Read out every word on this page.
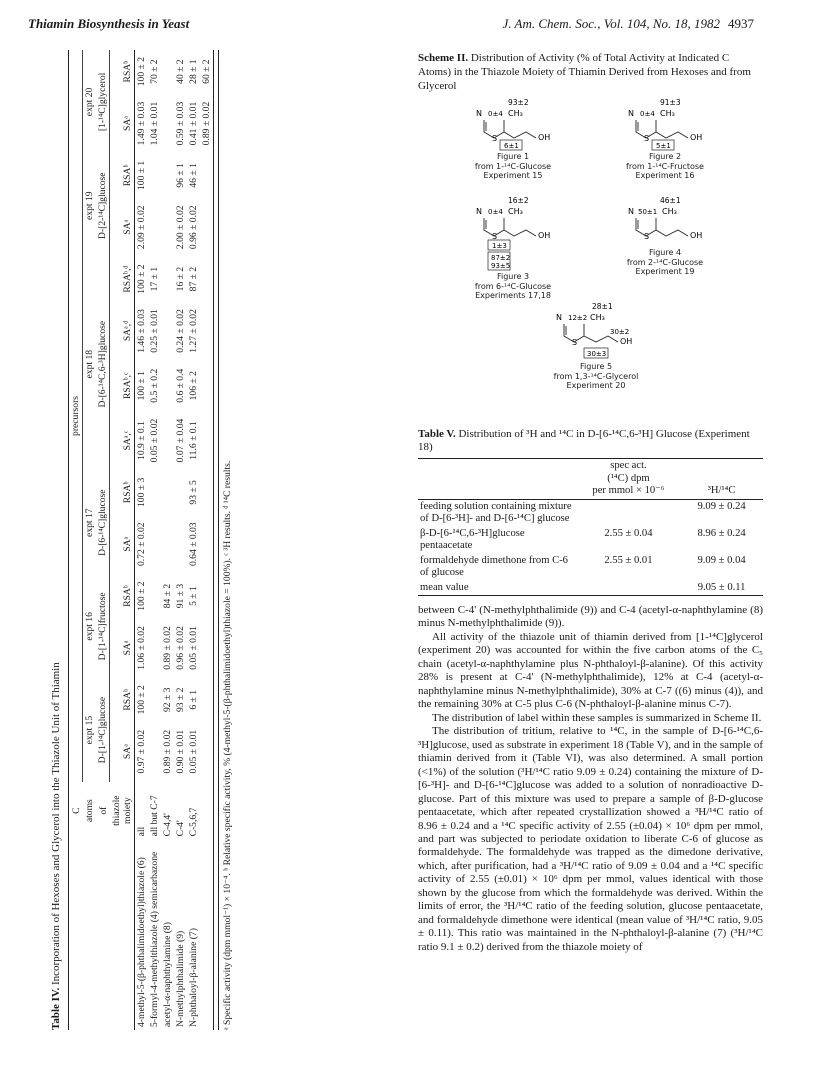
Thiamin Biosynthesis in Yeast	J. Am. Chem. Soc., Vol. 104, No. 18, 1982 4937
Table IV. Incorporation of Hexoses and Glycerol into the Thiazole Unit of Thiamin
	C	precursors													
	atoms	expt 15		expt 16		expt 17		expt 18				expt 19		expt 20	
	of	D-[1-¹⁴C]glucose		D-[1-¹⁴C]fructose		D-[6-¹⁴C]glucose		D-[6-¹⁴C,6-³H]glucose				D-[2-¹⁴C]glucose		[1-¹⁴C]glycerol	
	thiazole
moiety	SAᵃ	RSAᵇ	SAᵃ	RSAᵇ	SAᵃ	RSAᵇ	SAᵃ,ᶜ	RSAᵇ,ᶜ	SAᵃ,ᵈ	RSAᵇ,ᵈ	SAᵃ	RSAᵇ	SAᵃ	RSAᵇ
4-methyl-5-(β-phthalimidoethyl)thiazole (6)	all	0.97 ± 0.02	100 ± 2	1.06 ± 0.02	100 ± 2	0.72 ± 0.02	100 ± 3	10.9 ± 0.1	100 ± 1	1.46 ± 0.03	100 ± 2	2.09 ± 0.02	100 ± 1	1.49 ± 0.03	100 ± 2
5-formyl-4-methylthiazole (4) semicarbazone	all but C-7							0.05 ± 0.02	0.5 ± 0.2	0.25 ± 0.01	17 ± 1			1.04 ± 0.01	70 ± 2
acetyl-α-naphthylamine (8)	C-4,4'	0.89 ± 0.02	92 ± 3	0.89 ± 0.02	84 ± 2										
N-methylphthalimide (9)	C-4'	0.90 ± 0.01	93 ± 2	0.96 ± 0.02	91 ± 3			0.07 ± 0.04	0.6 ± 0.4	0.24 ± 0.02	16 ± 2	2.00 ± 0.02	96 ± 1	0.59 ± 0.03	40 ± 2
N-phthaloyl-β-alanine (7)	C-5,6,7	0.05 ± 0.01	6 ± 1	0.05 ± 0.01	5 ± 1	0.64 ± 0.03	93 ± 5	11.6 ± 0.1	106 ± 2	1.27 ± 0.02	87 ± 2	0.96 ± 0.02	46 ± 1	0.41 ± 0.01	28 ± 1
														0.89 ± 0.02	60 ± 2
ᵃ Specific activity (dpm mmol⁻¹) × 10⁻⁴. ᵇ Relative specific activity, % (4-methyl-5-(β-phthalimidoethyl)thiazole = 100%). ᶜ ³H results. ᵈ ¹⁴C results.
Scheme II. Distribution of Activity (% of Total Activity at Indicated C Atoms) in the Thiazole Moiety of Thiamin Derived from Hexoses and from Glycerol
93±2
N 0±4 CH₃
S	OH
6±1
Figure 1
from 1-¹⁴C-Glucose
Experiment 15
91±3
N 0±4 CH₃
S	OH
5±1
Figure 2
from 1-¹⁴C-Fructose
Experiment 16
16±2
N 0±4 CH₃
S	OH
1±3
87±2
93±5
Figure 3
from 6-¹⁴C-Glucose
Experiments 17,18
46±1
N 50±1 CH₃
S	OH
Figure 4
from 2-¹⁴C-Glucose
Experiment 19
28±1
N 12±2 CH₃
S
30±2
OH
30±3
Figure 5
from 1,3-¹⁴C-Glycerol
Experiment 20
Table V. Distribution of ³H and ¹⁴C in D-[6-¹⁴C,6-³H] Glucose (Experiment 18)

	spec act.
(¹⁴C) dpm
per mmol × 10⁻⁶	³H/¹⁴C
feeding solution containing mixture of D-[6-³H]- and D-[6-¹⁴C] glucose		9.09 ± 0.24
β-D-[6-¹⁴C,6-³H]glucose pentaacetate	2.55 ± 0.04	8.96 ± 0.24
formaldehyde dimethone from C-6 of glucose	2.55 ± 0.01	9.09 ± 0.04
mean value		9.05 ± 0.11

between C-4' (N-methylphthalimide (9)) and C-4 (acetyl-α-naphthylamine (8) minus N-methylphthalimide (9)).

All activity of the thiazole unit of thiamin derived from [1-¹⁴C]glycerol (experiment 20) was accounted for within the five carbon atoms of the C₅ chain (acetyl-α-naphthylamine plus N-phthaloyl-β-alanine). Of this activity 28% is present at C-4' (N-methylphthalimide), 12% at C-4 (acetyl-α-naphthylamine minus N-methylphthalimide), 30% at C-7 ((6) minus (4)), and the remaining 30% at C-5 plus C-6 (N-phthaloyl-β-alanine minus C-7).

The distribution of label within these samples is summarized in Scheme II.

The distribution of tritium, relative to ¹⁴C, in the sample of D-[6-¹⁴C,6-³H]glucose, used as substrate in experiment 18 (Table V), and in the sample of thiamin derived from it (Table VI), was also determined. A small portion (<1%) of the solution (³H/¹⁴C ratio 9.09 ± 0.24) containing the mixture of D-[6-³H]- and D-[6-¹⁴C]glucose was added to a solution of nonradioactive D-glucose. Part of this mixture was used to prepare a sample of β-D-glucose pentaacetate, which after repeated crystallization showed a ³H/¹⁴C ratio of 8.96 ± 0.24 and a ¹⁴C specific activity of 2.55 (±0.04) × 10⁶ dpm per mmol, and part was subjected to periodate oxidation to liberate C-6 of glucose as formaldehyde. The formaldehyde was trapped as the dimedone derivative, which, after purification, had a ³H/¹⁴C ratio of 9.09 ± 0.04 and a ¹⁴C specific activity of 2.55 (±0.01) × 10⁶ dpm per mmol, values identical with those shown by the glucose from which the formaldehyde was derived. Within the limits of error, the ³H/¹⁴C ratio of the feeding solution, glucose pentaacetate, and formaldehyde dimethone were identical (mean value of ³H/¹⁴C ratio, 9.05 ± 0.11). This ratio was maintained in the N-phthaloyl-β-alanine (7) (³H/¹⁴C ratio 9.1 ± 0.2) derived from the thiazole moiety of
